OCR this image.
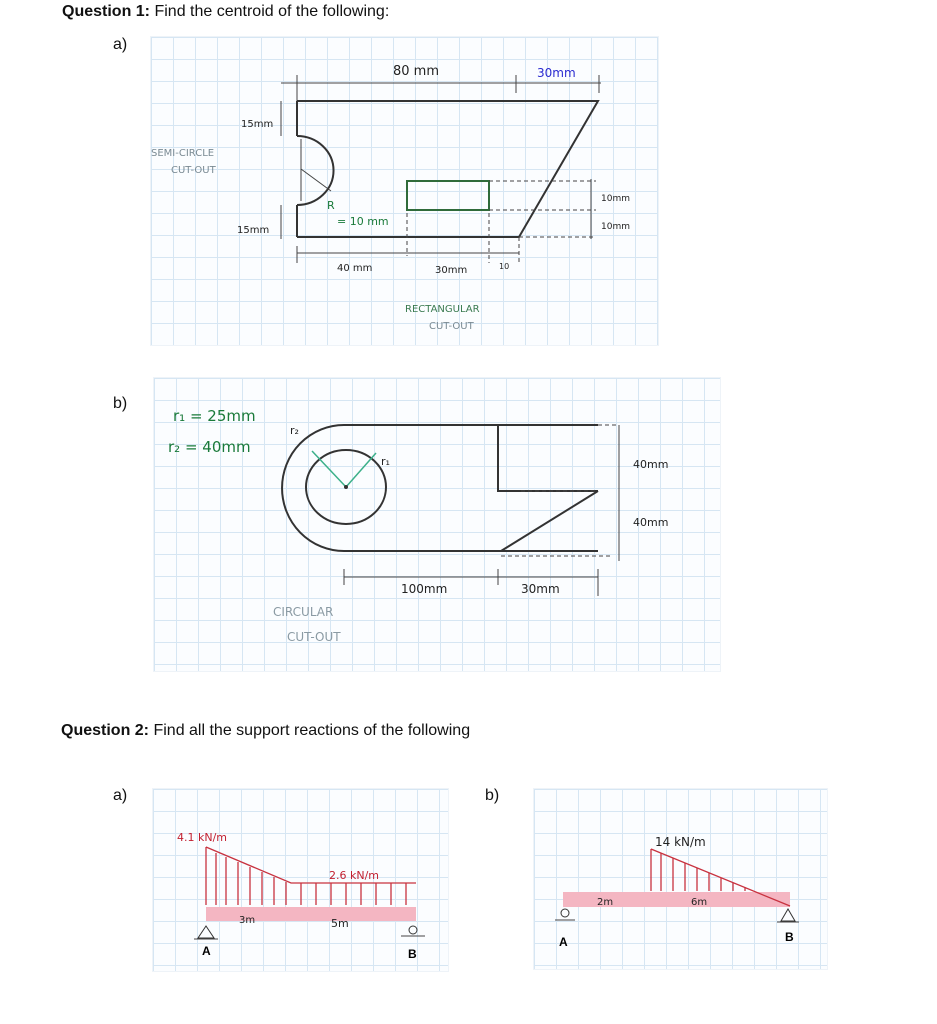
Question 1: Find the centroid of the following:
a)
80 mm	30mm
15mm
15mm
SEMI-CIRCLE
CUT-OUT
R
= 10 mm
10mm
10mm
40 mm	30mm	10
RECTANGULAR
CUT-OUT
b)
r₁ = 25mm
r₂ = 40mm
r₂
r₁	40mm
40mm
100mm	30mm
CIRCULAR
CUT-OUT
Question 2: Find all the support reactions of the following
a)	b)
4.1 kN/m
2.6 kN/m
3m	5m
A	B
14 kN/m
2m	6m
A	B
